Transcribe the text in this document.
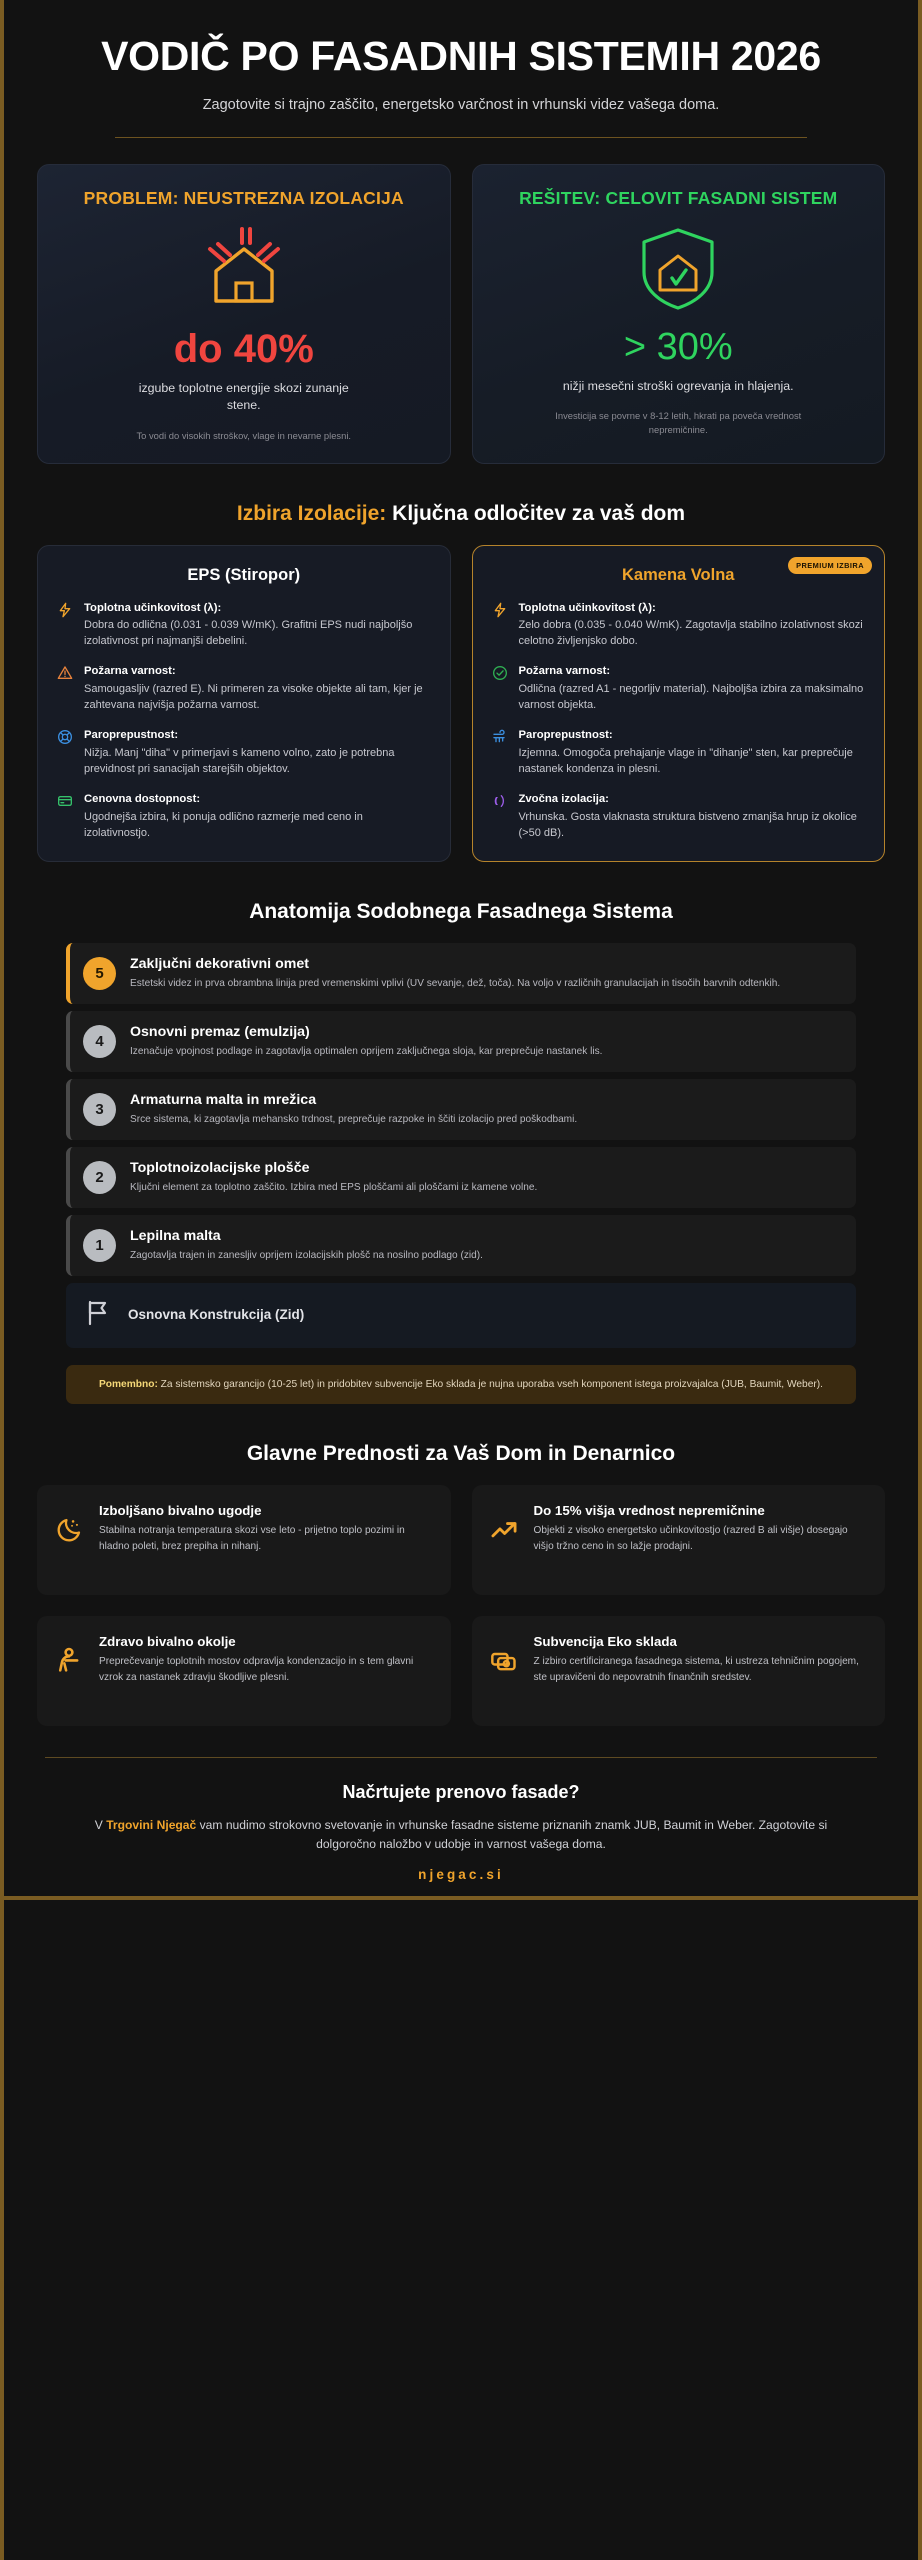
VODIČ PO FASADNIH SISTEMIH 2026
Zagotovite si trajno zaščito, energetsko varčnost in vrhunski videz vašega doma.
PROBLEM: NEUSTREZNA IZOLACIJA
do 40%
izgube toplotne energije skozi zunanje stene.
To vodi do visokih stroškov, vlage in nevarne plesni.
REŠITEV: CELOVIT FASADNI SISTEM
> 30%
nižji mesečni stroški ogrevanja in hlajenja.
Investicija se povrne v 8-12 letih, hkrati pa poveča vrednost nepremičnine.
Izbira Izolacije: Ključna odločitev za vaš dom
EPS (Stiropor)
Toplotna učinkovitost (λ):
Dobra do odlična (0.031 - 0.039 W/mK). Grafitni EPS nudi najboljšo izolativnost pri najmanjši debelini.
Požarna varnost:
Samougasljiv (razred E). Ni primeren za visoke objekte ali tam, kjer je zahtevana najvišja požarna varnost.
Paroprepustnost:
Nižja. Manj "diha" v primerjavi s kameno volno, zato je potrebna previdnost pri sanacijah starejših objektov.
Cenovna dostopnost:
Ugodnejša izbira, ki ponuja odlično razmerje med ceno in izolativnostjo.
PREMIUM IZBIRA
Kamena Volna
Toplotna učinkovitost (λ):
Zelo dobra (0.035 - 0.040 W/mK). Zagotavlja stabilno izolativnost skozi celotno življenjsko dobo.
Požarna varnost:
Odlična (razred A1 - negorljiv material). Najboljša izbira za maksimalno varnost objekta.
Paroprepustnost:
Izjemna. Omogoča prehajanje vlage in "dihanje" sten, kar preprečuje nastanek kondenza in plesni.
Zvočna izolacija:
Vrhunska. Gosta vlaknasta struktura bistveno zmanjša hrup iz okolice (>50 dB).
Anatomija Sodobnega Fasadnega Sistema
5
Zaključni dekorativni omet
Estetski videz in prva obrambna linija pred vremenskimi vplivi (UV sevanje, dež, toča). Na voljo v različnih granulacijah in tisočih barvnih odtenkih.
4
Osnovni premaz (emulzija)
Izenačuje vpojnost podlage in zagotavlja optimalen oprijem zaključnega sloja, kar preprečuje nastanek lis.
3
Armaturna malta in mrežica
Srce sistema, ki zagotavlja mehansko trdnost, preprečuje razpoke in ščiti izolacijo pred poškodbami.
2
Toplotnoizolacijske plošče
Ključni element za toplotno zaščito. Izbira med EPS ploščami ali ploščami iz kamene volne.
1
Lepilna malta
Zagotavlja trajen in zanesljiv oprijem izolacijskih plošč na nosilno podlago (zid).
Osnovna Konstrukcija (Zid)
Pomembno: Za sistemsko garancijo (10-25 let) in pridobitev subvencije Eko sklada je nujna uporaba vseh komponent istega proizvajalca (JUB, Baumit, Weber).
Glavne Prednosti za Vaš Dom in Denarnico
Izboljšano bivalno ugodje
Stabilna notranja temperatura skozi vse leto - prijetno toplo pozimi in hladno poleti, brez prepiha in nihanj.
Do 15% višja vrednost nepremičnine
Objekti z visoko energetsko učinkovitostjo (razred B ali višje) dosegajo višjo tržno ceno in so lažje prodajni.
Zdravo bivalno okolje
Preprečevanje toplotnih mostov odpravlja kondenzacijo in s tem glavni vzrok za nastanek zdravju škodljive plesni.
Subvencija Eko sklada
Z izbiro certificiranega fasadnega sistema, ki ustreza tehničnim pogojem, ste upravičeni do nepovratnih finančnih sredstev.
Načrtujete prenovo fasade?
V Trgovini Njegač vam nudimo strokovno svetovanje in vrhunske fasadne sisteme priznanih znamk JUB, Baumit in Weber. Zagotovite si dolgoročno naložbo v udobje in varnost vašega doma.
njegac.si
